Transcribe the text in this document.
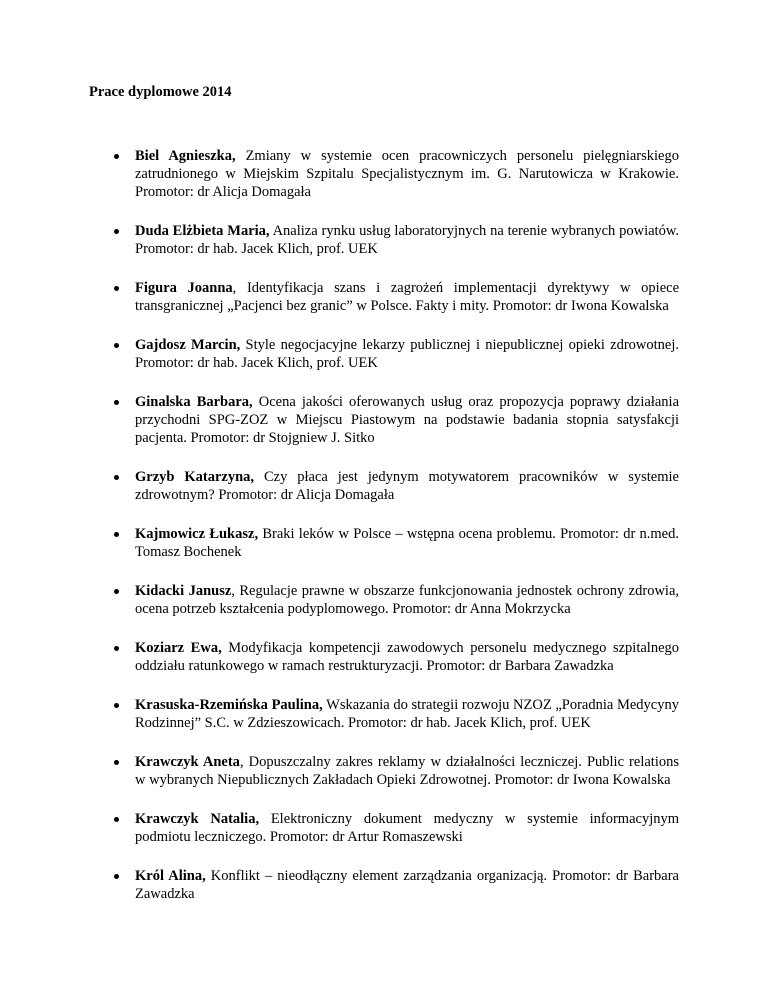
Prace dyplomowe 2014

Biel Agnieszka, Zmiany w systemie ocen pracowniczych personelu pielęgniarskiego zatrudnionego w Miejskim Szpitalu Specjalistycznym im. G. Narutowicza w Krakowie. Promotor: dr Alicja Domagała
Duda Elżbieta Maria, Analiza rynku usług laboratoryjnych na terenie wybranych powiatów. Promotor: dr hab. Jacek Klich, prof. UEK
Figura Joanna, Identyfikacja szans i zagrożeń implementacji dyrektywy w opiece transgranicznej „Pacjenci bez granic” w Polsce. Fakty i mity. Promotor: dr Iwona Kowalska
Gajdosz Marcin, Style negocjacyjne lekarzy publicznej i niepublicznej opieki zdrowotnej. Promotor: dr hab. Jacek Klich, prof. UEK
Ginalska Barbara, Ocena jakości oferowanych usług oraz propozycja poprawy działania przychodni SPG-ZOZ w Miejscu Piastowym na podstawie badania stopnia satysfakcji pacjenta. Promotor: dr Stojgniew J. Sitko
Grzyb Katarzyna, Czy płaca jest jedynym motywatorem pracowników w systemie zdrowotnym? Promotor: dr Alicja Domagała
Kajmowicz Łukasz, Braki leków w Polsce – wstępna ocena problemu. Promotor: dr n.med. Tomasz Bochenek
Kidacki Janusz, Regulacje prawne w obszarze funkcjonowania jednostek ochrony zdrowia, ocena potrzeb kształcenia podyplomowego. Promotor: dr Anna Mokrzycka
Koziarz Ewa, Modyfikacja kompetencji zawodowych personelu medycznego szpitalnego oddziału ratunkowego w ramach restrukturyzacji. Promotor: dr Barbara Zawadzka
Krasuska-Rzemińska Paulina, Wskazania do strategii rozwoju NZOZ „Poradnia Medycyny Rodzinnej” S.C. w Zdzieszowicach. Promotor: dr hab. Jacek Klich, prof. UEK
Krawczyk Aneta, Dopuszczalny zakres reklamy w działalności leczniczej. Public relations w wybranych Niepublicznych Zakładach Opieki Zdrowotnej. Promotor: dr Iwona Kowalska
Krawczyk Natalia, Elektroniczny dokument medyczny w systemie informacyjnym podmiotu leczniczego. Promotor: dr Artur Romaszewski
Król Alina, Konflikt – nieodłączny element zarządzania organizacją. Promotor: dr Barbara Zawadzka
